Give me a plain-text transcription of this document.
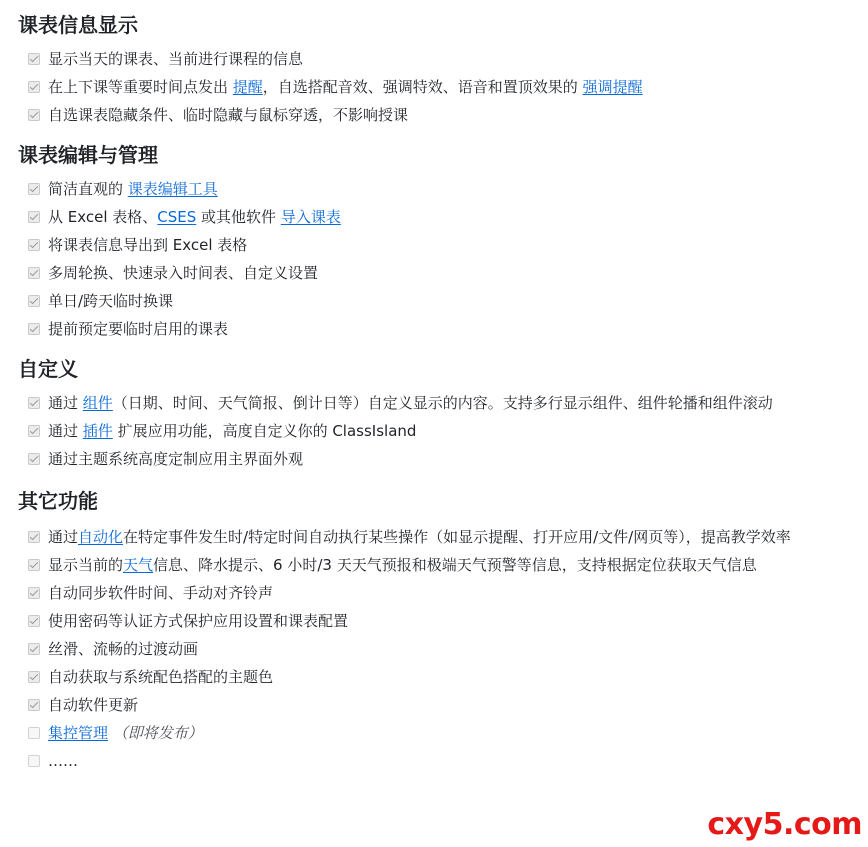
课表信息显示
显示当天的课表、当前进行课程的信息
在上下课等重要时间点发出 提醒，自选搭配音效、强调特效、语音和置顶效果的 强调提醒
自选课表隐藏条件、临时隐藏与鼠标穿透，不影响授课
课表编辑与管理
简洁直观的 课表编辑工具
从 Excel 表格、CSES 或其他软件 导入课表
将课表信息导出到 Excel 表格
多周轮换、快速录入时间表、自定义设置
单日/跨天临时换课
提前预定要临时启用的课表
自定义
通过 组件（日期、时间、天气简报、倒计日等）自定义显示的内容。支持多行显示组件、组件轮播和组件滚动
通过 插件 扩展应用功能，高度自定义你的 ClassIsland
通过主题系统高度定制应用主界面外观
其它功能
通过自动化在特定事件发生时/特定时间自动执行某些操作（如显示提醒、打开应用/文件/网页等），提高教学效率
显示当前的天气信息、降水提示、6 小时/3 天天气预报和极端天气预警等信息，支持根据定位获取天气信息
自动同步软件时间、手动对齐铃声
使用密码等认证方式保护应用设置和课表配置
丝滑、流畅的过渡动画
自动获取与系统配色搭配的主题色
自动软件更新
集控管理 （即将发布）
……
cxy5.com
